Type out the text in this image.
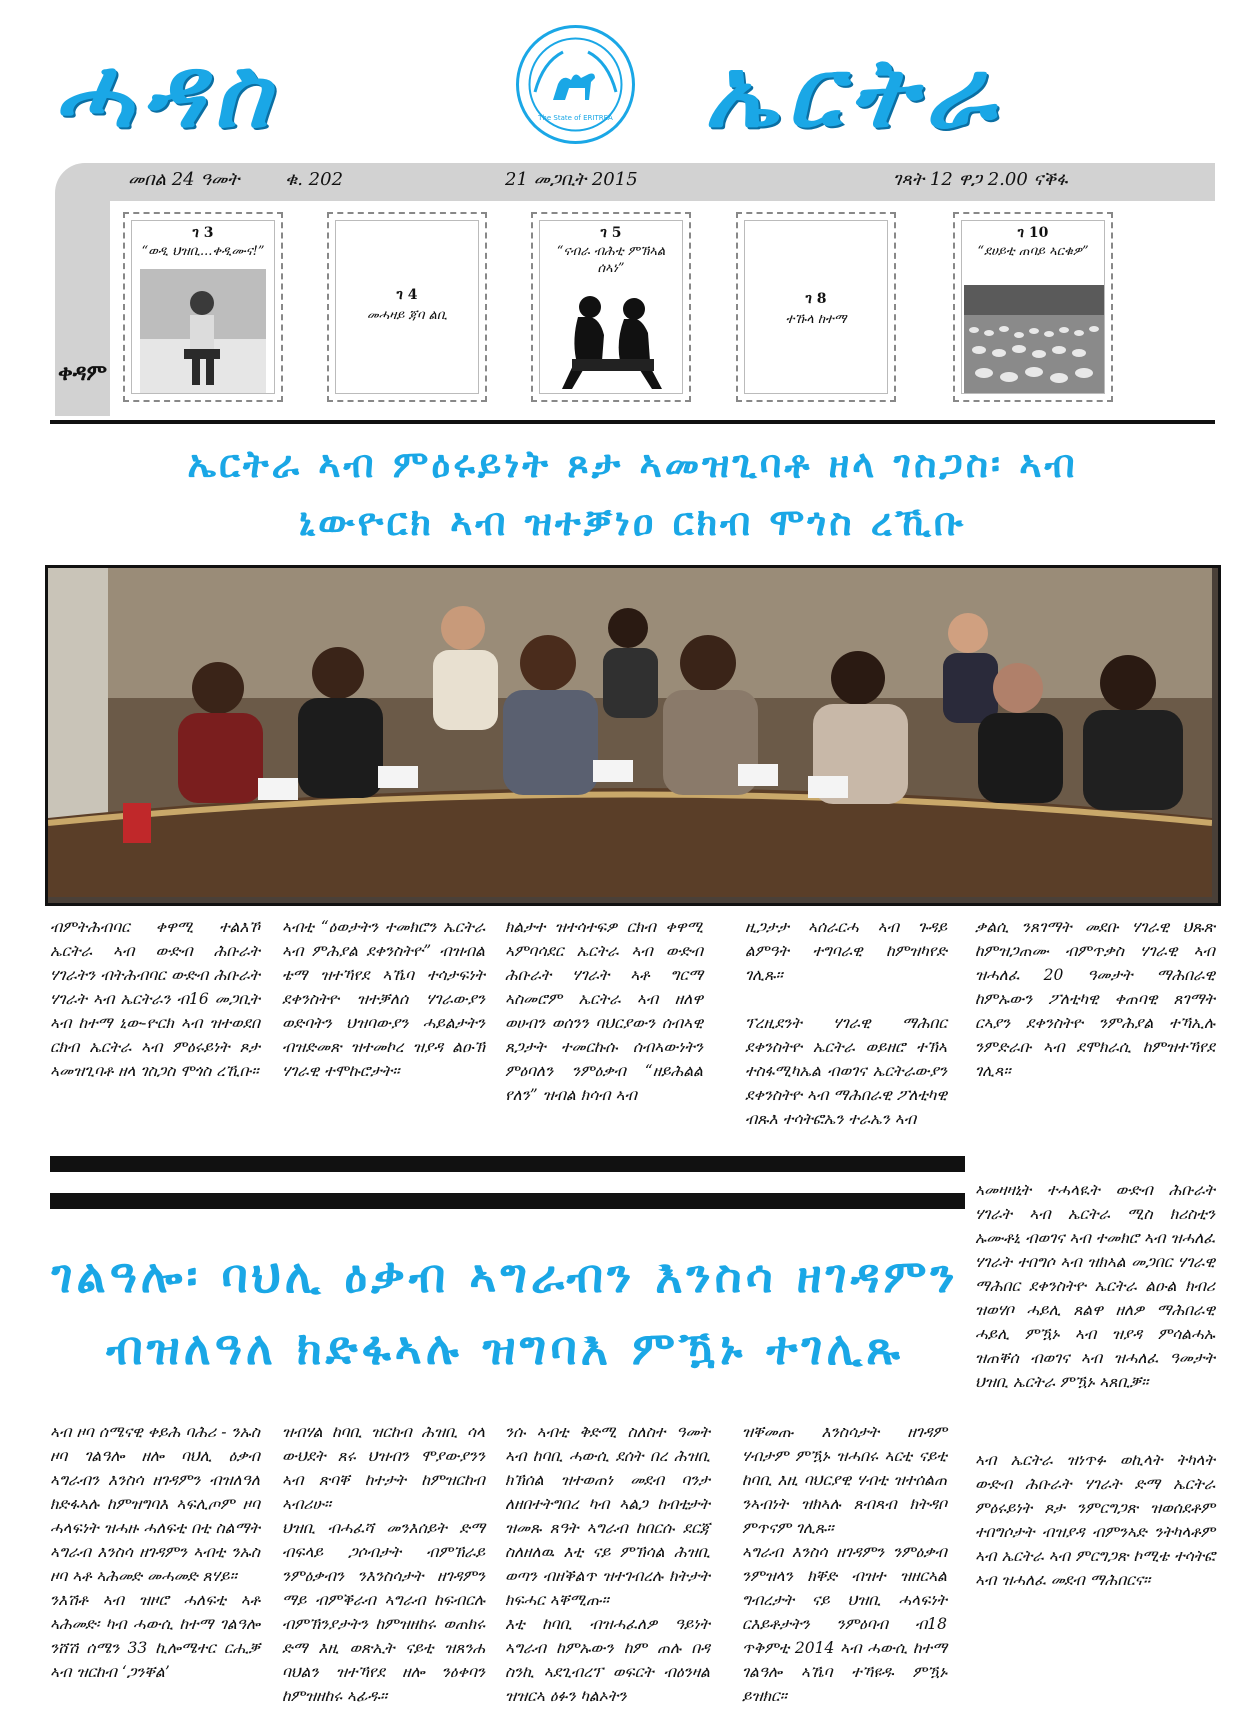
ሓዳስ	The State of ERITREA ኤርትራ
መበል 24 ዓመት	ቁ. 202	21 መጋቢት 2015	ገጻት 12 ዋጋ 2.00 ናቕፋ
ቀዳም
ገ 3
“ወዲ ህዝቢ...ቀዲሙና!”
ገ 4
መሓዛይ ጃባ ልቢ
ገ 5
“ናብራ ብሕቲ ምኽኣል ሰኣነ”
ገ 8
ተኹላ ከተማ
ገ 10
“ደሀይቲ ጠባይ ኣርቁዎ”
ኤርትራ ኣብ ምዕሩይነት ጾታ ኣመዝጊባቶ ዘላ ገስጋስ፡ ኣብ
ኒውዮርክ ኣብ ዝተቓነዐ ርክብ ሞጎስ ረኺቡ
ብምትሕብባር ቀዋሚ ተልእኾ ኤርትራ ኣብ ውድብ ሕቡራት ሃገራትን ብትሕብባር ውድብ ሕቡራት ሃገራት ኣብ ኤርትራን ብ16 መጋቢት ኣብ ከተማ ኒው-ዮርክ ኣብ ዝተወደበ ርክብ ኤርትራ ኣብ ምዕሩይነት ጾታ ኣመዝጊባቶ ዘላ ገስጋስ ሞጎስ ረኺቡ።
ኣብቲ “ዕወታትን ተመክሮን ኤርትራ ኣብ ምሕያል ደቀንስትዮ” ብዝብል ቴማ ዝተኻየደ ኣኼባ ተሳታፍነት ደቀንስትዮ ዝተቓለሰ ሃገራውያን ወድባትን ህዝባውያን ሓይልታትን ብዝድመጽ ዝተመኮረ ዝያዳ ልዑኽ ሃገራዊ ተሞኩሮታት።
ክልታተ ዝተሳተፍዎ ርክብ ቀዋሚ ኣምባሳደር ኤርትራ ኣብ ውድብ ሕቡራት ሃገራት ኣቶ ግርማ ኣስመሮም ኤርትራ ኣብ ዘለዋ ወሀብን ወሰንን ባህርያውን ሰብኣዊ ጸጋታት ተመርኩሱ ሰብኣውነትን ምዕባለን ንምዕቃብ “ዘይሕልል የለን” ዝብል ክሳብ ኣብ
ዚጋታታ ኣሰራርሓ ኣብ ጉዳይ ልምዓት ተግባራዊ ከምዝካየድ ገሊጹ።

ፕረዚደንት ሃገራዊ ማሕበር ደቀንስትዮ ኤርትራ ወይዘሮ ተኽኣ ተስፋሚካኤል ብወገና ኤርትራውያን ደቀንስትዮ ኣብ ማሕበራዊ ፖለቲካዊ ብጹእ ተሳትፎኤን ተራኤን ኣብ
ቃልሲ ንጸገማት መደቡ ሃገራዊ ህጹጽ ከምዝጋጠሙ ብምጥቃስ ሃገራዊ ኣብ ዝሓለፈ 20 ዓመታት ማሕበራዊ ከምኡውን ፖለቲካዊ ቀጠባዊ ጸገማት ርኣያን ደቀንስትዮ ንምሕያል ተኻኢሉ ንምድራቡ ኣብ ደሞክራሲ ከምዝተኻየደ ገሊጻ።
ኣመዛዛኒት ተሓላዪት ውድብ ሕቡራት ሃገራት ኣብ ኤርትራ ሚስ ክሪስቲን ኡሙቶኒ ብወገና ኣብ ተመክሮ ኣብ ዝሓለፈ ሃገራት ተበግሶ ኣብ ዝክኣል መጋበር ሃገራዊ ማሕበር ደቀንስትዮ ኤርትራ ልዑል ክብሪ ዝወሃቦ ሓይሊ ጸልዋ ዘለዎ ማሕበራዊ ሓይሊ ምዃኑ ኣብ ዝያዳ ምሳልሓኡ ዝጠቐሰ ብወገና ኣብ ዝሓለፈ ዓመታት ህዝቢ ኤርትራ ምዃኑ ኣጸቢቓ።
ኣብ ኤርትራ ዝነጥፉ ወኪላት ትካላት ውድብ ሕቡራት ሃገራት ድማ ኤርትራ ምዕሩይነት ጾታ ንምርግጋጽ ዝወሰደቶም ተበግሶታት ብዝያዳ ብምንኣድ ንትካላቶም ኣብ ኤርትራ ኣብ ምርግጋጽ ኮሚቴ ተሳትፎ ኣብ ዝሓለፈ መደብ ማሕበርና።
ገልዓሎ፡ ባህሊ ዕቃብ ኣግራብን እንስሳ ዘገዳምን
ብዝለዓለ ክድፋኣሉ ዝግባእ ምዃኑ ተገሊጹ
ኣብ ዞባ ሰሜናዊ ቀይሕ ባሕሪ - ንኡስ ዞባ ገልዓሎ ዘሎ ባህሊ ዕቃብ ኣግራብን እንስሳ ዘገዳምን ብዝለዓለ ክድፋኣሉ ከምዝግባእ ኣፍሊጦም ዞባ ሓላፍነት ዝሓዙ ሓለፍቲ በቲ ስልማት ኣግራብ እንስሳ ዘገዳምን ኣብቲ ንኡስ ዞባ ኣቶ ኣሕመድ መሓመድ ጸሃይ።
ንእሽቶ ኣብ ዝዞሮ ሓለፍቲ ኣቶ ኣሕመድ፡ ካብ ሓውሲ ከተማ ገልዓሎ ንሸሽ ሰሜን 33 ኪሎሜተር ርሒቓ ኣብ ዝርከብ ‘ጋንቐል’
ዝብሃል ከባቢ ዝርከብ ሕዝቢ ሳላ ውህደት ጸሩ ህዝብን ሞያውያንን ኣብ ጽባቐ ከተታት ከምዝርከብ ኣብሪሁ።
ህዝቢ ብሓፈሻ መንእሰይት ድማ ብፍላይ ጋሶብታት ብምኽራይ ንምዕቃብን ንእንስሳታት ዘገዳምን ማይ ብምቕራብ ኣግራብ ከፍብርሉ ብምኽንያታትን ከምዝዘከሩ ወጠክሩ ድማ እዚ ወጽኢት ናይቲ ዝጸንሐ ባህልን ዝተኻየደ ዘሎ ንዕቀባን ከምዝዘከሩ ኣፊዱ።
ንሱ ኣብቲ ቅድሚ ስለስተ ዓመት ኣብ ከባቢ ሓውሲ ደሰት በረ ሕዝቢ ክኽሰል ዝተወጠነ መደብ ባንታ ለዘበተትግበረ ካብ ኣልጋ ከብቲታት ዝመጹ ጸዓት ኣግራብ ከበርሱ ደርጃ ስለዘለዉ እቲ ናይ ምኽሳል ሕዝቢ ወጣን ብዘቕልጥ ዝተገብረሉ ክትታት ክፍሓር ኣቐሚጡ።
እቲ ከባቢ ብዝሓፈለዎ ዓይነት ኣግራብ ከምኡውን ከም ጠሉ በዳ ስንኪ ኣደጊብረፕ ወፍርት ብዕንዛል ዝዝርኣ ዕፉን ካልኦትን
ዝቐመጡ እንስሳታት ዘገዳም ሃብታም ምዃኑ ዝሓበሩ ኣርቲ ናይቲ ከባቢ እዚ ባህርያዊ ሃብቲ ዝተሰልጠ ንኣብነት ዝክኣሉ ጸብጻብ ክትዳቦ ምጥናም ገሊጹ።
ኣግራብ እንስሳ ዘገዳምን ንምዕቃብ ንምዝላን ክቐድ ብዝተ ዝዘርኣል ግብረታት ናይ ህዝቢ ሓላፍነት ርእይቶታትን ንምዕባብ ብ18 ጥቅምቲ 2014 ኣብ ሓውሲ ከተማ ገልዓሎ ኣኼባ ተኻዩዱ ምዃኑ ይዝክር።
